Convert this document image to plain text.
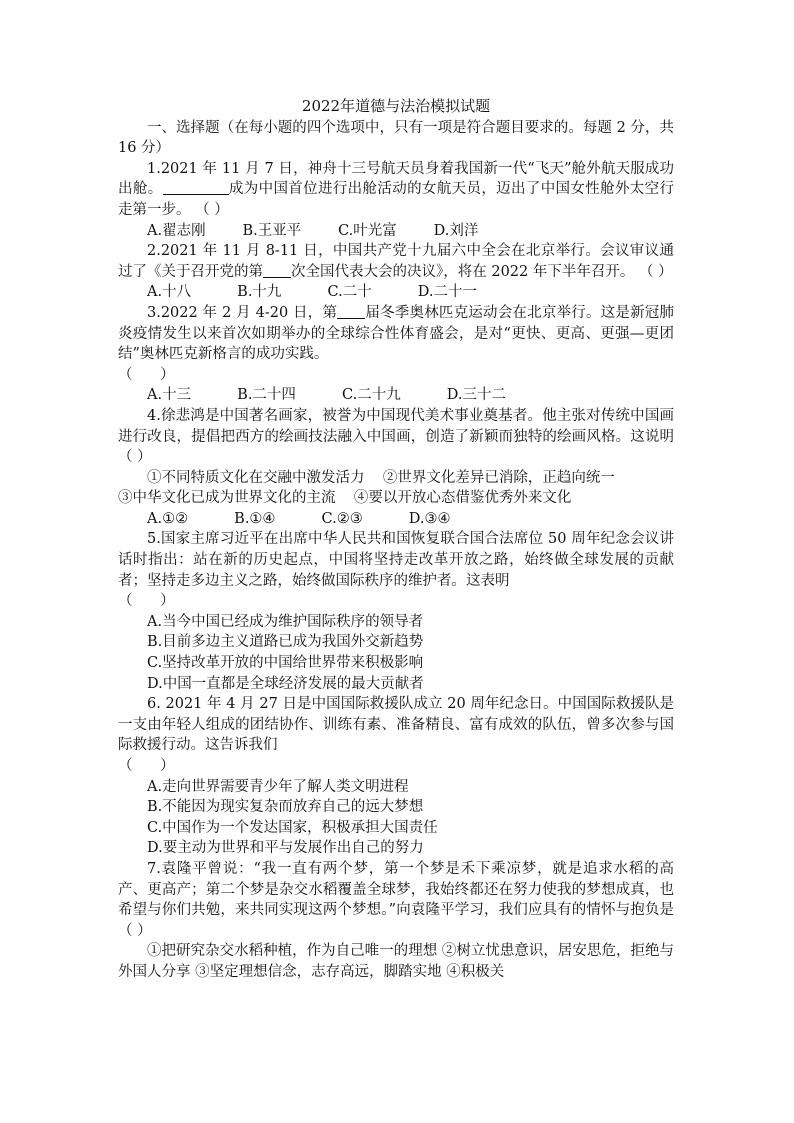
2022年道德与法治模拟试题

一、选择题（在每小题的四个选项中，只有一项是符合题目要求的。每题 2 分，共 16 分）

1.2021 年 11 月 7 日，神舟十三号航天员身着我国新一代“飞天”舱外航天服成功出舱。	成为中国首位进行出舱活动的女航天员，迈出了中国女性舱外太空行走第一步。 （ ）

A.翟志刚        B.王亚平        C.叶光富        D.刘洋

2.2021 年 11 月 8-11 日，中国共产党十九届六中全会在北京举行。会议审议通过了《关于召开党的第 次全国代表大会的决议》，将在 2022 年下半年召开。 （ ）

A.十八          B.十九          C.二十          D.二十一

3.2022 年 2 月 4-20 日，第 届冬季奥林匹克运动会在北京举行。这是新冠肺炎疫情发生以来首次如期举办的全球综合性体育盛会，是对“更快、更高、更强—更团结”奥林匹克新格言的成功实践。

（      ）

A.十三          B.二十四          C.二十九          D.三十二

4.徐悲鸿是中国著名画家，被誉为中国现代美术事业奠基者。他主张对传统中国画进行改良，提倡把西方的绘画技法融入中国画，创造了新颖而独特的绘画风格。这说明（ ）

①不同特质文化在交融中激发活力    ②世界文化差异已消除，正趋向统一

③中华文化已成为世界文化的主流    ④要以开放心态借鉴优秀外来文化

A.①②          B.①④          C.②③          D.③④

5.国家主席习近平在出席中华人民共和国恢复联合国合法席位 50 周年纪念会议讲话时指出：站在新的历史起点，中国将坚持走改革开放之路，始终做全球发展的贡献者；坚持走多边主义之路，始终做国际秩序的维护者。这表明

（      ）

A.当今中国已经成为维护国际秩序的领导者

B.目前多边主义道路已成为我国外交新趋势

C.坚持改革开放的中国给世界带来积极影响

D.中国一直都是全球经济发展的最大贡献者

6. 2021 年 4 月 27 日是中国国际救援队成立 20 周年纪念日。中国国际救援队是一支由年轻人组成的团结协作、训练有素、准备精良、富有成效的队伍，曾多次参与国际救援行动。这告诉我们

（      ）

A.走向世界需要青少年了解人类文明进程

B.不能因为现实复杂而放弃自己的远大梦想

C.中国作为一个发达国家，积极承担大国责任

D.要主动为世界和平与发展作出自己的努力

7.袁隆平曾说：“我一直有两个梦，第一个梦是禾下乘凉梦，就是追求水稻的高产、更高产；第二个梦是杂交水稻覆盖全球梦，我始终都还在努力使我的梦想成真，也希望与你们共勉，来共同实现这两个梦想。”向袁隆平学习，我们应具有的情怀与抱负是 （ ）

①把研究杂交水稻种植，作为自己唯一的理想 ②树立忧患意识，居安思危，拒绝与外国人分享 ③坚定理想信念，志存高远，脚踏实地 ④积极关
